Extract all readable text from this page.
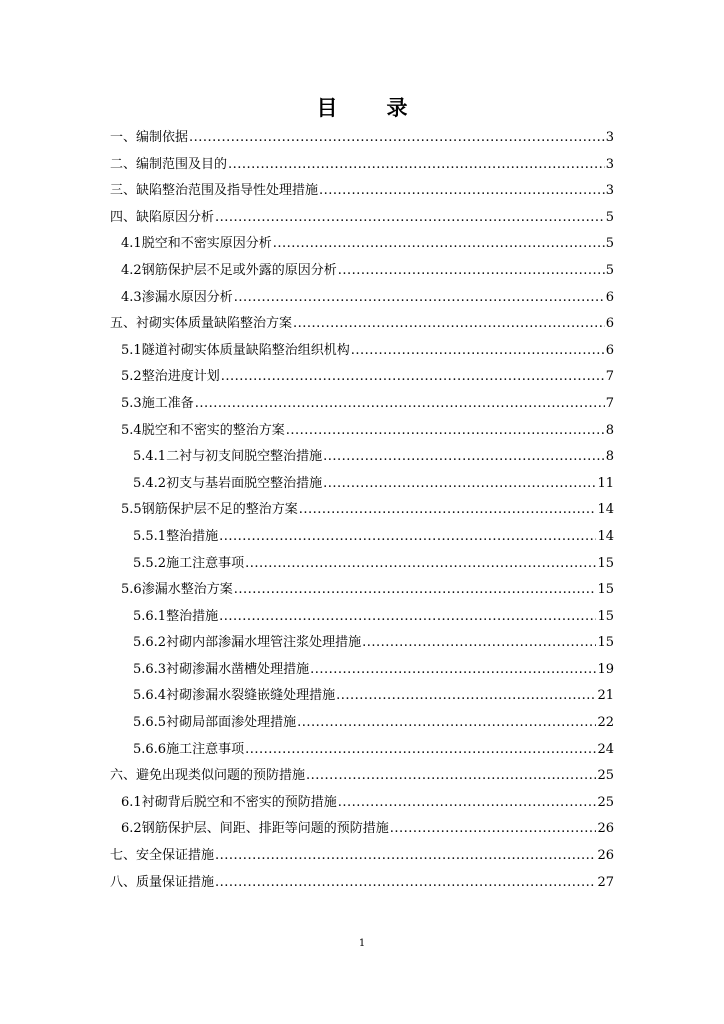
目　录
一、编制依据 .....	3
二、编制范围及目的 .....	3
三、缺陷整治范围及指导性处理措施 .....	3
四、缺陷原因分析 .....	5
4.1 脱空和不密实原因分析 .....	5
4.2 钢筋保护层不足或外露的原因分析 .....	5
4.3 渗漏水原因分析 .....	6
五、衬砌实体质量缺陷整治方案 .....	6
5.1 隧道衬砌实体质量缺陷整治组织机构 .....	6
5.2 整治进度计划 .....	7
5.3 施工准备 .....	7
5.4 脱空和不密实的整治方案 .....	8
5.4.1 二衬与初支间脱空整治措施 .....	8
5.4.2 初支与基岩面脱空整治措施 .....	11
5.5 钢筋保护层不足的整治方案 .....	14
5.5.1 整治措施 .....	14
5.5.2 施工注意事项 .....	15
5.6 渗漏水整治方案 .....	15
5.6.1 整治措施 .....	15
5.6.2 衬砌内部渗漏水埋管注浆处理措施 .....	15
5.6.3 衬砌渗漏水凿槽处理措施 .....	19
5.6.4 衬砌渗漏水裂缝嵌缝处理措施 .....	21
5.6.5 衬砌局部面渗处理措施 .....	22
5.6.6 施工注意事项 .....	24
六、避免出现类似问题的预防措施 .....	25
6.1 衬砌背后脱空和不密实的预防措施 .....	25
6.2 钢筋保护层、间距、排距等问题的预防措施 .....	26
七、安全保证措施 .....	26
八、质量保证措施 .....	27
1
